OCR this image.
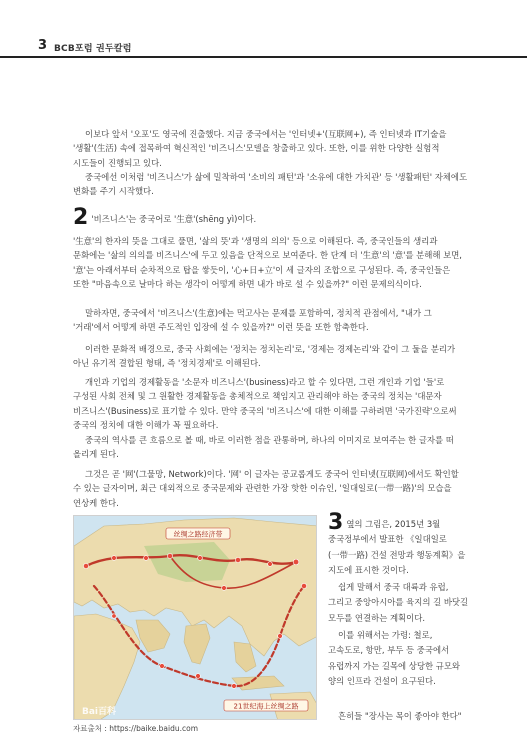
3 BCB포럼 권두칼럼

이보다 앞서 '오포'도 영국에 진출했다. 지금 중국에서는 '인터넷+'(互联网+), 즉 인터넷과 IT기술을 '생활'(生活) 속에 접목하여 혁신적인 '비즈니스'모델을 창출하고 있다. 또한, 이를 위한 다양한 실험적 시도들이 진행되고 있다.

중국에선 이처럼 '비즈니스'가 삶에 밀착하여 '소비의 패턴'과 '소유에 대한 가치관' 등 '생활패턴' 자체에도 변화를 주기 시작했다.

2 '비즈니스'는 중국어로 '生意'(shēng yì)이다.

'生意'의 한자의 뜻을 그대로 풀면, '삶의 뜻'과 '생명의 의의' 등으로 이해된다. 즉, 중국인들의 생리과 문화에는 '삶의 의의를 비즈니스'에 두고 있음을 단적으로 보여준다. 한 단계 더 '生意'의 '意'를 분해해 보면, '意'는 아래서부터 순차적으로 탑을 쌓듯이, '心+日+立'이 세 글자의 조합으로 구성된다. 즉, 중국인들은 또한 "마음속으로 날마다 하는 생각이 어떻게 하면 내가 바로 설 수 있을까?" 이런 문제의식이다.

말하자면, 중국에서 '비즈니스'(生意)에는 먹고사는 문제를 포함하여, 정치적 관점에서, "내가 그 '거래'에서 어떻게 하면 주도적인 입장에 설 수 있을까?" 이런 뜻을 또한 함축한다.

이러한 문화적 배경으로, 중국 사회에는 '정치는 정치논리'로, '경제는 경제논리'와 같이 그 둘을 분리가 아닌 유기적 결합된 형태, 즉 '정치경제'로 이해된다.

개인과 기업의 경제활동을 '소문자 비즈니스'(business)라고 할 수 있다면, 그런 개인과 기업 '들'로 구성된 사회 전체 및 그 원활한 경제활동을 총체적으로 책임지고 관리해야 하는 중국의 정치는 '대문자 비즈니스'(Business)로 표기할 수 있다. 만약 중국의 '비즈니스'에 대한 이해를 구하려면 '국가진략'으로써 중국의 정치에 대한 이해가 꼭 필요하다.

중국의 역사를 큰 흐름으로 볼 때, 바로 이러한 점을 관통하며, 하나의 이미지로 보여주는 한 글자를 떠 올리게 된다.

그것은 곧 '网'(그물망, Network)이다. '网' 이 글자는 공교롭게도 중국어 인터넷(互联网)에서도 확인할 수 있는 글자이며, 최근 대외적으로 중국문제와 관련한 가장 핫한 이슈인, '일대일로(一带一路)'의 모습을 연상케 한다.

丝绸之路经济带
21世纪海上丝绸之路
Bai百科
자료출처 : https://baike.baidu.com

3 옆의 그림은, 2015년 3월 중국정부에서 발표한 《일대일로(一带一路) 건설 전망과 행동계획》을 지도에 표시한 것이다.

쉽게 말해서 중국 대륙과 유럽, 그리고 중앙아시아를 육지의 길 바닷길 모두를 연결하는 계획이다.

이를 위해서는 가령: 철로, 고속도로, 항만, 부두 등 중국에서 유럽까지 가는 길목에 상당한 규모와 양의 인프라 건설이 요구된다.

흔히들 "장사는 목이 좋아야 한다"
